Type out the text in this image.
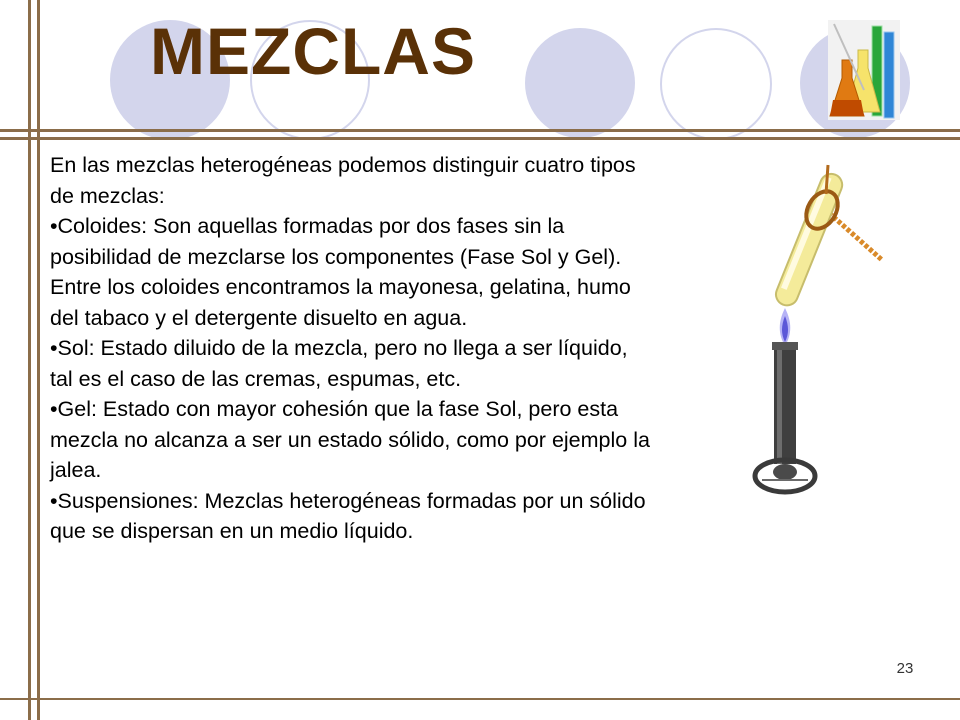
MEZCLAS

En las mezclas heterogéneas podemos distinguir cuatro tipos de mezclas:

•Coloides: Son aquellas formadas por dos fases sin la posibilidad de mezclarse los componentes (Fase Sol y Gel). Entre los coloides encontramos la mayonesa, gelatina, humo del tabaco y el detergente disuelto en agua.

•Sol: Estado diluido de la mezcla, pero no llega a ser líquido, tal es el caso de las cremas, espumas, etc.

•Gel: Estado con mayor cohesión que la fase Sol, pero esta mezcla no alcanza a ser un estado sólido, como por ejemplo la jalea.

•Suspensiones: Mezclas heterogéneas formadas por un sólido que se dispersan en un medio líquido.

23
